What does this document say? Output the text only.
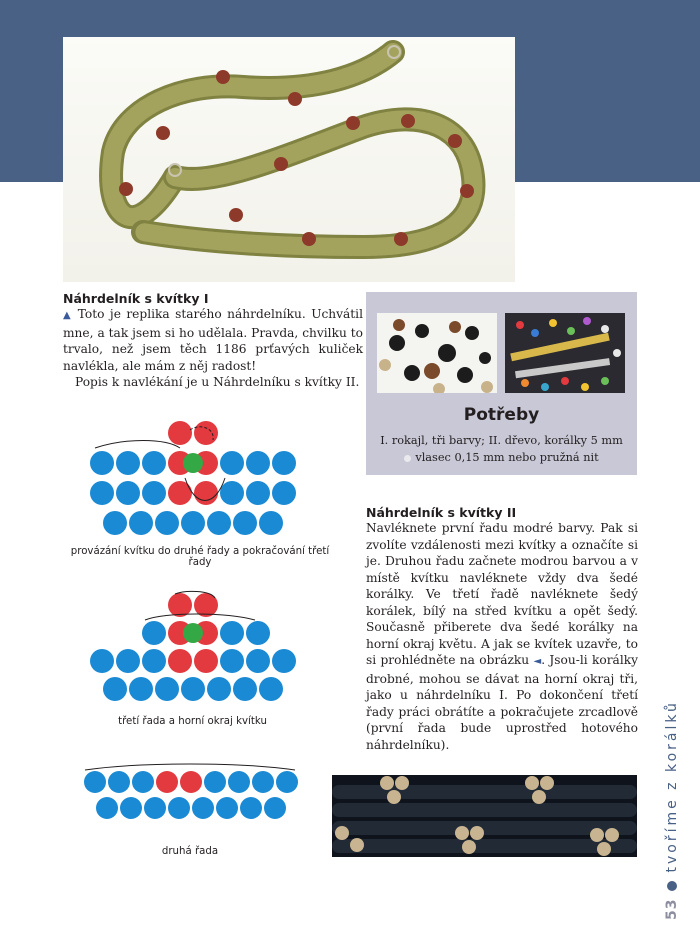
Náhrdelník s kvítky I

▲ Toto je replika starého náhrdelníku. Uchvátil mne, a tak jsem si ho udělala. Pravda, chvilku to trvalo, než jsem těch 1186 prťavých kuliček navlékla, ale mám z něj radost!

Popis k navlékání je u Náhrdelníku s kvítky II.

Potřeby
I. rokajl, tři barvy; II. dřevo, korálky 5 mm
vlasec 0,15 mm nebo pružná nit

Náhrdelník s kvítky II

Navléknete první řadu modré barvy. Pak si zvolíte vzdálenosti mezi kvítky a označíte si je. Druhou řadu začnete modrou barvou a v místě kvítku navléknete vždy dva šedé korálky. Ve třetí řadě navléknete šedý korálek, bílý na střed kvítku a opět šedý. Současně přiberete dva šedé korálky na horní okraj květu. A jak se kvítek uzavře, to si prohlédněte na obrázku ◄. Jsou-li korálky drobné, mohou se dávat na horní okraj tři, jako u náhrdelníku I. Po dokončení třetí řady práci obrátíte a pokračujete zrcadlově (první řada bude uprostřed hotového náhrdelníku).

provázání kvítku do druhé řady a pokračování třetí řady
třetí řada a horní okraj kvítku
druhá řada
53tvoříme z korálků
